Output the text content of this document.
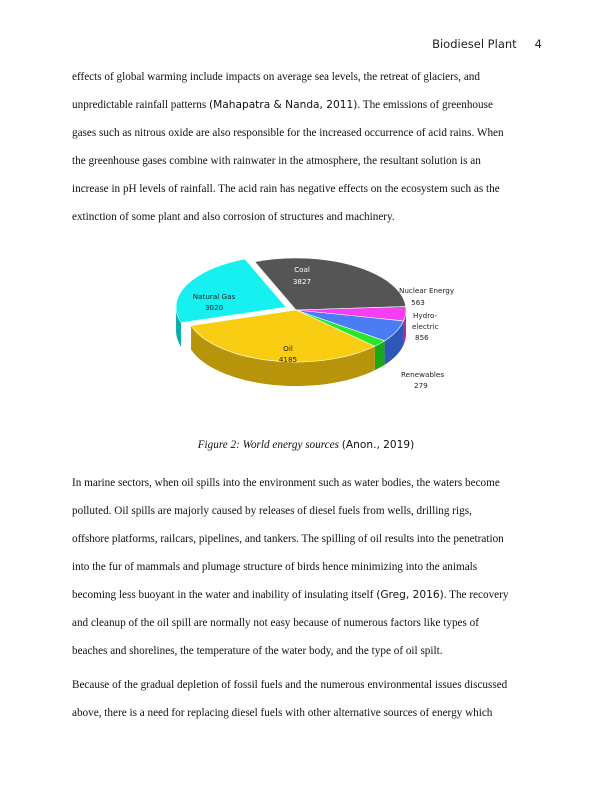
Biodiesel Plant 4
effects of global warming include impacts on average sea levels, the retreat of glaciers, and
unpredictable rainfall patterns (Mahapatra & Nanda, 2011). The emissions of greenhouse
gases such as nitrous oxide are also responsible for the increased occurrence of acid rains. When
the greenhouse gases combine with rainwater in the atmosphere, the resultant solution is an
increase in pH levels of rainfall. The acid rain has negative effects on the ecosystem such as the
extinction of some plant and also corrosion of structures and machinery.
Coal
3827
Nuclear Energy
563
Hydro-
electric
856
Renewables
279
Oil
4185
Natural Gas
3020
Figure 2: World energy sources (Anon., 2019)
In marine sectors, when oil spills into the environment such as water bodies, the waters become
polluted. Oil spills are majorly caused by releases of diesel fuels from wells, drilling rigs,
offshore platforms, railcars, pipelines, and tankers. The spilling of oil results into the penetration
into the fur of mammals and plumage structure of birds hence minimizing into the animals
becoming less buoyant in the water and inability of insulating itself (Greg, 2016). The recovery
and cleanup of the oil spill are normally not easy because of numerous factors like types of
beaches and shorelines, the temperature of the water body, and the type of oil spilt.
Because of the gradual depletion of fossil fuels and the numerous environmental issues discussed
above, there is a need for replacing diesel fuels with other alternative sources of energy which
